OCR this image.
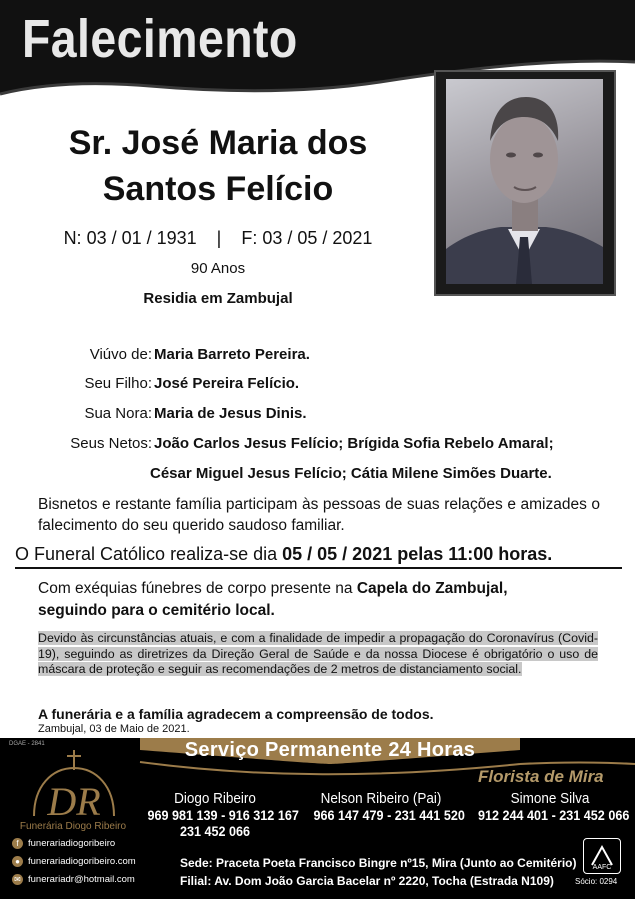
Falecimento
Sr. José Maria dos
Santos Felício
N: 03 / 01 / 1931    |    F: 03 / 05 / 2021
90 Anos
Residia em Zambujal
Viúvo de: Maria Barreto Pereira.
Seu Filho: José Pereira Felício.
Sua Nora: Maria de Jesus Dinis.
Seus Netos: João Carlos Jesus Felício; Brígida Sofia Rebelo Amaral;
César Miguel Jesus Felício; Cátia Milene Simões Duarte.
Bisnetos e restante família participam às pessoas de suas relações e amizades o falecimento do seu querido saudoso familiar.
O Funeral Católico realiza-se dia 05 / 05 / 2021 pelas 11:00 horas.
Com exéquias fúnebres de corpo presente na Capela do Zambujal,
seguindo para o cemitério local.
Devido às circunstâncias atuais, e com a finalidade de impedir a propagação do Coronavírus (Covid-19), seguindo as diretrizes da Direção Geral de Saúde e da nossa Diocese é obrigatório o uso de máscara de proteção e seguir as recomendações de 2 metros de distanciamento social.
A funerária e a família agradecem a compreensão de todos.
Zambujal, 03 de Maio de 2021.
DGAE - 2841	Serviço Permanente 24 Horas
DR
Funerária Diogo Ribeiro
Florista de Mira
Diogo Ribeiro
969 981 139 - 916 312 167
231 452 066
Nelson Ribeiro (Pai)
966 147 479 - 231 441 520
Simone Silva
912 244 401 - 231 452 066
f funerariadiogoribeiro
● funerariadiogoribeiro.com
✉ funerariadr@hotmail.com
Sede: Praceta Poeta Francisco Bingre nº15, Mira (Junto ao Cemitério)
Filial: Av. Dom João Garcia Bacelar nº 2220, Tocha (Estrada N109)
AAFC
Sócio: 0294
